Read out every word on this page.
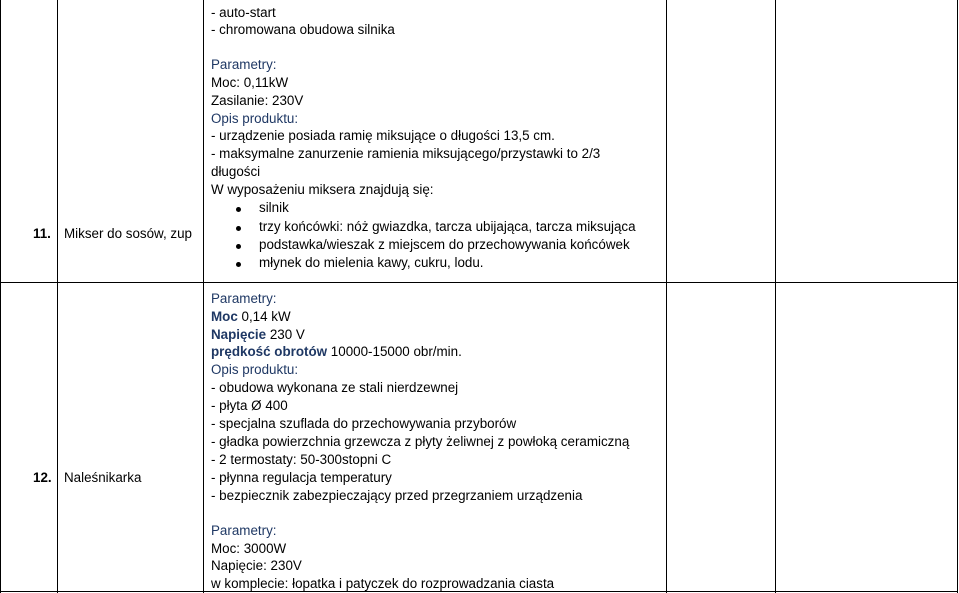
11. Mikser do sosów, zup
- auto-start
- chromowana obudowa silnika
Parametry:
Moc: 0,11kW
Zasilanie: 230V
Opis produktu:
- urządzenie posiada ramię miksujące o długości 13,5 cm.
- maksymalne zanurzenie ramienia miksującego/przystawki to 2/3
długości
W wyposażeniu miksera znajdują się:
silnik
trzy końcówki: nóż gwiazdka, tarcza ubijająca, tarcza miksująca
podstawka/wieszak z miejscem do przechowywania końcówek
młynek do mielenia kawy, cukru, lodu.
12. Naleśnikarka
Parametry:
Moc 0,14 kW
Napięcie 230 V
prędkość obrotów 10000-15000 obr/min.
Opis produktu:
- obudowa wykonana ze stali nierdzewnej
- płyta Ø 400
- specjalna szuflada do przechowywania przyborów
- gładka powierzchnia grzewcza z płyty żeliwnej z powłoką ceramiczną
- 2 termostaty: 50-300stopni C
- płynna regulacja temperatury
- bezpiecznik zabezpieczający przed przegrzaniem urządzenia
Parametry:
Moc: 3000W
Napięcie: 230V
w komplecie: łopatka i patyczek do rozprowadzania ciasta
